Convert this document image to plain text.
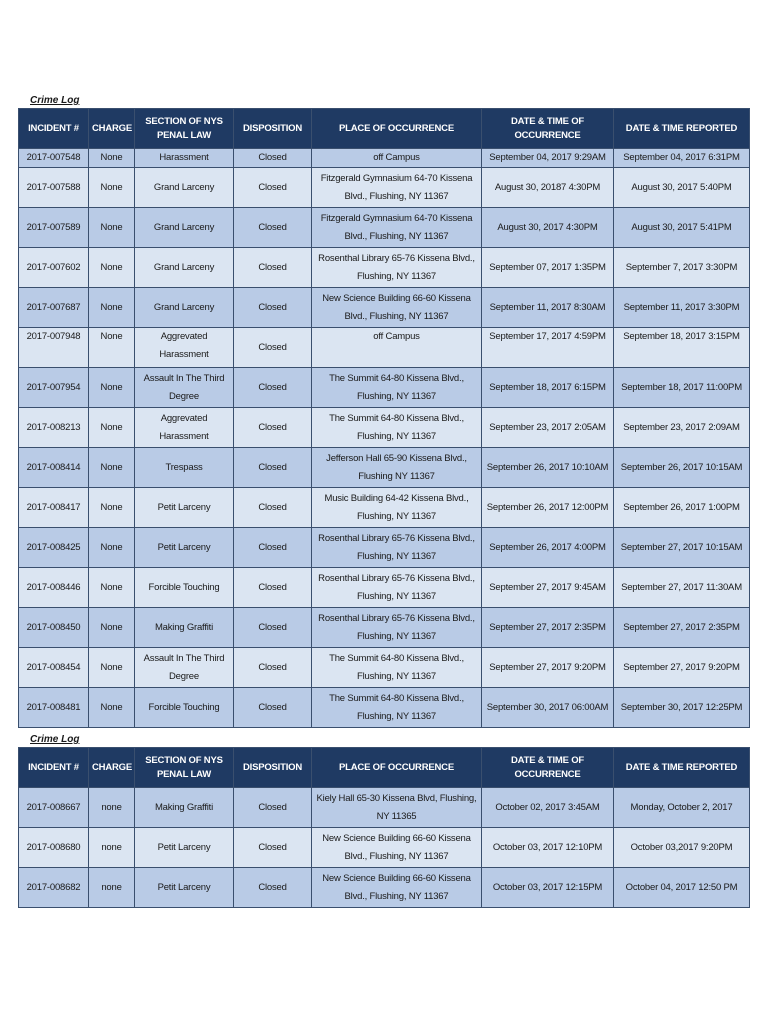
Crime Log
INCIDENT #	CHARGE	SECTION OF NYS PENAL LAW	DISPOSITION	PLACE OF OCCURRENCE	DATE & TIME OF OCCURRENCE	DATE & TIME REPORTED
2017-007548	None	Harassment	Closed	off Campus	September 04, 2017 9:29AM	September 04, 2017 6:31PM
2017-007588	None	Grand Larceny	Closed	Fitzgerald Gymnasium 64-70 Kissena Blvd., Flushing, NY 11367	August 30, 20187 4:30PM	August 30, 2017 5:40PM
2017-007589	None	Grand Larceny	Closed	Fitzgerald Gymnasium 64-70 Kissena Blvd., Flushing, NY 11367	August 30, 2017 4:30PM	August 30, 2017 5:41PM
2017-007602	None	Grand Larceny	Closed	Rosenthal Library 65-76 Kissena Blvd., Flushing, NY 11367	September 07, 2017 1:35PM	September 7, 2017 3:30PM
2017-007687	None	Grand Larceny	Closed	New Science Building 66-60 Kissena Blvd., Flushing, NY 11367	September 11, 2017 8:30AM	September 11, 2017 3:30PM
2017-007948	None	Aggrevated Harassment	Closed	off Campus	September 17, 2017 4:59PM	September 18, 2017 3:15PM
2017-007954	None	Assault In The Third Degree	Closed	The Summit 64-80 Kissena Blvd., Flushing, NY 11367	September 18, 2017 6:15PM	September 18, 2017 11:00PM
2017-008213	None	Aggrevated Harassment	Closed	The Summit 64-80 Kissena Blvd., Flushing, NY 11367	September 23, 2017 2:05AM	September 23, 2017 2:09AM
2017-008414	None	Trespass	Closed	Jefferson Hall 65-90 Kissena Blvd., Flushing NY 11367	September 26, 2017 10:10AM	September 26, 2017 10:15AM
2017-008417	None	Petit Larceny	Closed	Music Building 64-42 Kissena Blvd., Flushing, NY 11367	September 26, 2017 12:00PM	September 26, 2017 1:00PM
2017-008425	None	Petit Larceny	Closed	Rosenthal Library 65-76 Kissena Blvd., Flushing, NY 11367	September 26, 2017 4:00PM	September 27, 2017 10:15AM
2017-008446	None	Forcible Touching	Closed	Rosenthal Library 65-76 Kissena Blvd., Flushing, NY 11367	September 27, 2017 9:45AM	September 27, 2017 11:30AM
2017-008450	None	Making Graffiti	Closed	Rosenthal Library 65-76 Kissena Blvd., Flushing, NY 11367	September 27, 2017 2:35PM	September 27, 2017 2:35PM
2017-008454	None	Assault In The Third Degree	Closed	The Summit 64-80 Kissena Blvd., Flushing, NY 11367	September 27, 2017 9:20PM	September 27, 2017 9:20PM
2017-008481	None	Forcible Touching	Closed	The Summit 64-80 Kissena Blvd., Flushing, NY 11367	September 30, 2017 06:00AM	September 30, 2017 12:25PM
Crime Log
INCIDENT #	CHARGE	SECTION OF NYS PENAL LAW	DISPOSITION	PLACE OF OCCURRENCE	DATE & TIME OF OCCURRENCE	DATE & TIME REPORTED
2017-008667	none	Making Graffiti	Closed	Kiely Hall 65-30 Kissena Blvd, Flushing, NY 11365	October 02, 2017 3:45AM	Monday, October 2, 2017
2017-008680	none	Petit Larceny	Closed	New Science Building 66-60 Kissena Blvd., Flushing, NY 11367	October 03, 2017 12:10PM	October 03,2017 9:20PM
2017-008682	none	Petit Larceny	Closed	New Science Building 66-60 Kissena Blvd., Flushing, NY 11367	October 03, 2017 12:15PM	October 04, 2017 12:50 PM
